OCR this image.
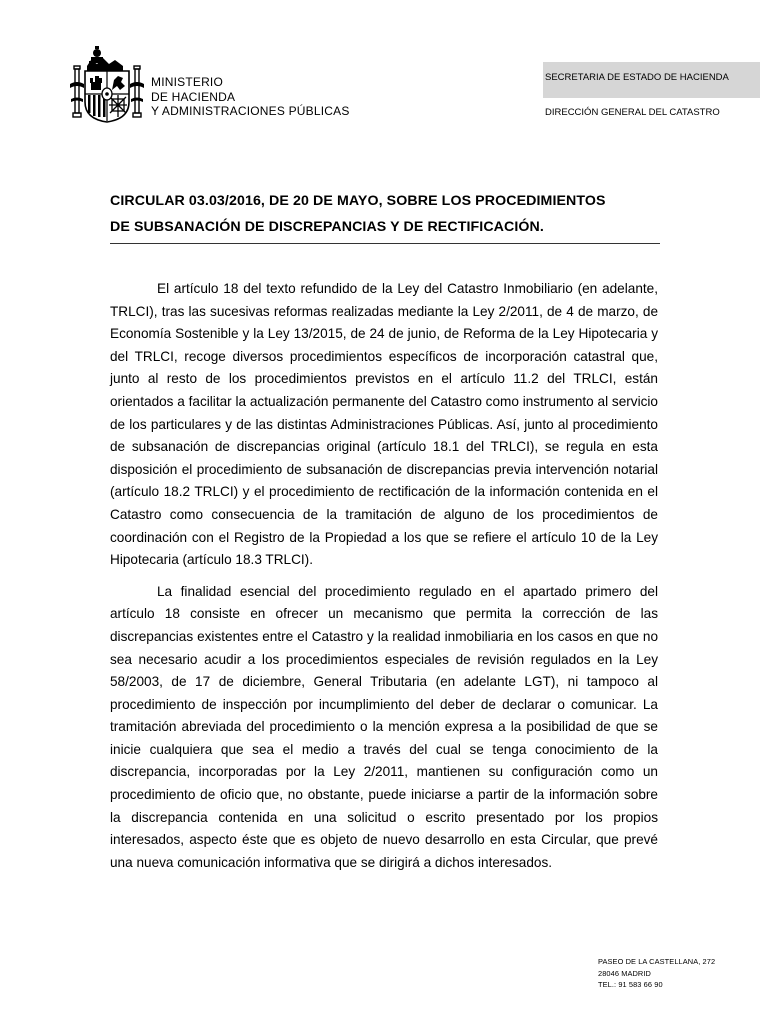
MINISTERIO
DE HACIENDA
Y ADMINISTRACIONES PÚBLICAS
SECRETARIA DE ESTADO DE HACIENDA
DIRECCIÓN GENERAL DEL CATASTRO
CIRCULAR 03.03/2016, DE 20 DE MAYO, SOBRE LOS PROCEDIMIENTOS
DE SUBSANACIÓN DE DISCREPANCIAS Y DE RECTIFICACIÓN.

El artículo 18 del texto refundido de la Ley del Catastro Inmobiliario (en adelante, TRLCI), tras las sucesivas reformas realizadas mediante la Ley 2/2011, de 4 de marzo, de Economía Sostenible y la Ley 13/2015, de 24 de junio, de Reforma de la Ley Hipotecaria y del TRLCI, recoge diversos procedimientos específicos de incorporación catastral que, junto al resto de los procedimientos previstos en el artículo 11.2 del TRLCI, están orientados a facilitar la actualización permanente del Catastro como instrumento al servicio de los particulares y de las distintas Administraciones Públicas. Así, junto al procedimiento de subsanación de discrepancias original (artículo 18.1 del TRLCI), se regula en esta disposición el procedimiento de subsanación de discrepancias previa intervención notarial (artículo 18.2 TRLCI) y el procedimiento de rectificación de la información contenida en el Catastro como consecuencia de la tramitación de alguno de los procedimientos de coordinación con el Registro de la Propiedad a los que se refiere el artículo 10 de la Ley Hipotecaria (artículo 18.3 TRLCI).

La finalidad esencial del procedimiento regulado en el apartado primero del artículo 18 consiste en ofrecer un mecanismo que permita la corrección de las discrepancias existentes entre el Catastro y la realidad inmobiliaria en los casos en que no sea necesario acudir a los procedimientos especiales de revisión regulados en la Ley 58/2003, de 17 de diciembre, General Tributaria (en adelante LGT), ni tampoco al procedimiento de inspección por incumplimiento del deber de declarar o comunicar. La tramitación abreviada del procedimiento o la mención expresa a la posibilidad de que se inicie cualquiera que sea el medio a través del cual se tenga conocimiento de la discrepancia, incorporadas por la Ley 2/2011, mantienen su configuración como un procedimiento de oficio que, no obstante, puede iniciarse a partir de la información sobre la discrepancia contenida en una solicitud o escrito presentado por los propios interesados, aspecto éste que es objeto de nuevo desarrollo en esta Circular, que prevé una nueva comunicación informativa que se dirigirá a dichos interesados.

PASEO DE LA CASTELLANA, 272
28046 MADRID
TEL.: 91 583 66 90
